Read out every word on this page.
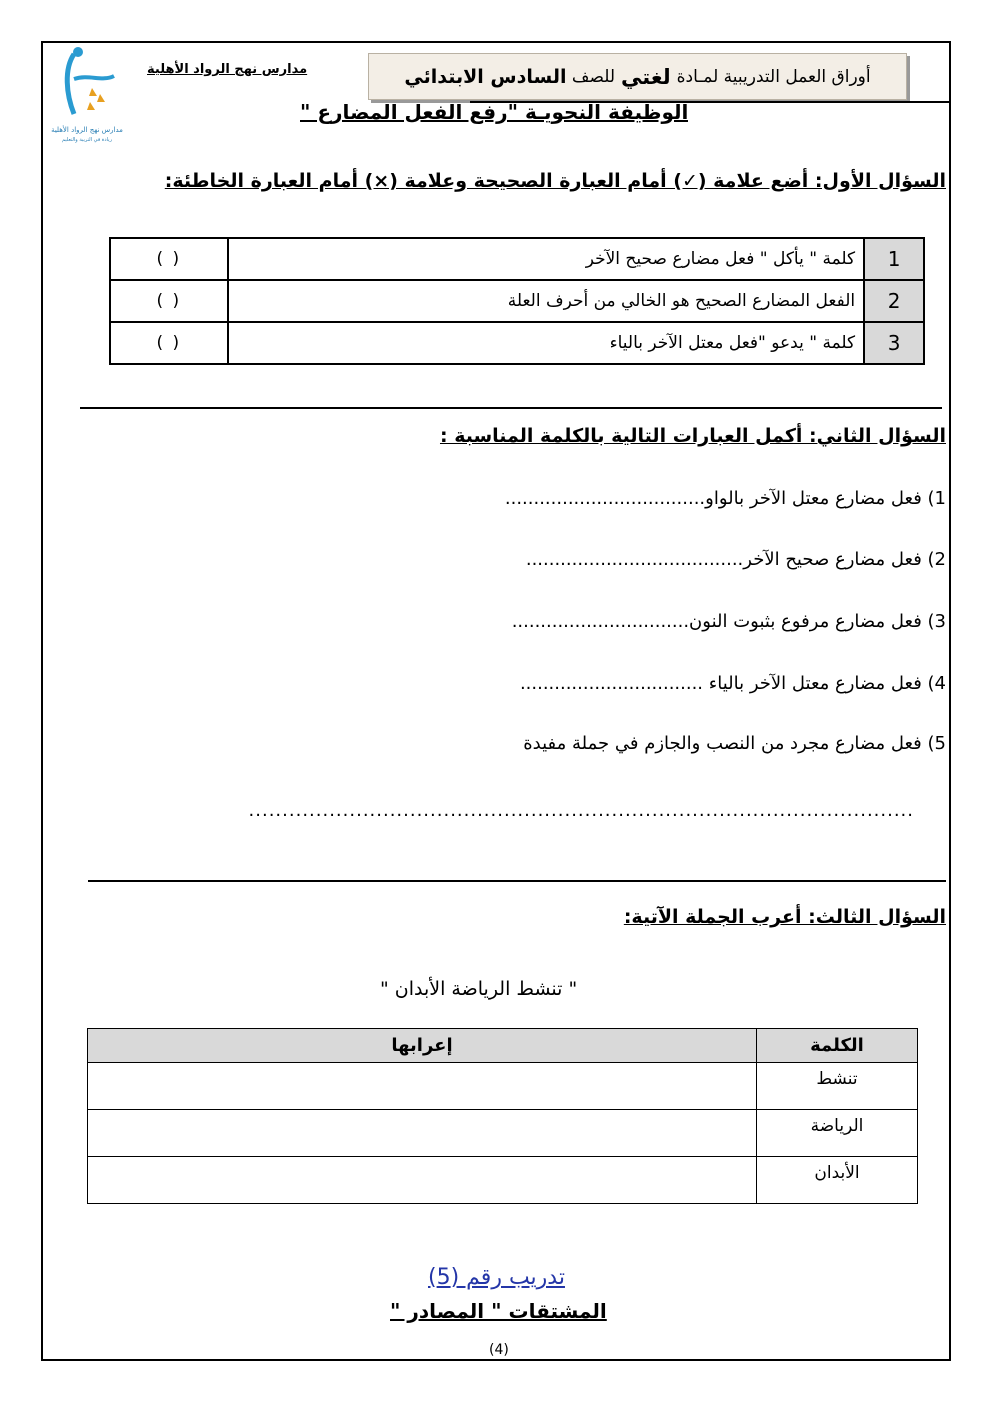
مدارس نهج الرواد الأهلية
ريادة في التربية والتعليم
مدارس نهج الرواد الأهلية	أوراق العمل التدريبية لمـادة
لغتي
للصف

السادس الابتدائي
الوظيفة النحويـة "رفع الفعل المضارع "
السؤال الأول: أضع علامة (✓) أمام العبارة الصحيحة وعلامة (×) أمام العبارة الخاطئة:
1	كلمة " يأكل " فعل مضارع صحيح الآخر	( )
2	الفعل المضارع الصحيح هو الخالي من أحرف العلة	( )
3	كلمة " يدعو "فعل معتل الآخر بالياء	( )
السؤال الثاني: أكمل العبارات التالية بالكلمة المناسبة :
1) فعل مضارع معتل الآخر بالواو...................................
2) فعل مضارع صحيح الآخر......................................
3) فعل مضارع مرفوع بثبوت النون...............................
4) فعل مضارع معتل الآخر بالياء ................................
5) فعل مضارع مجرد من النصب والجازم في جملة مفيدة
...................................................................................................
السؤال الثالث: أعرب الجملة الآتية:
" تنشط الرياضة الأبدان "
الكلمة	إعرابها
تنشط	
الرياضة	
الأبدان	
تدريب رقم (5)
المشتقات " المصادر "
(4)
